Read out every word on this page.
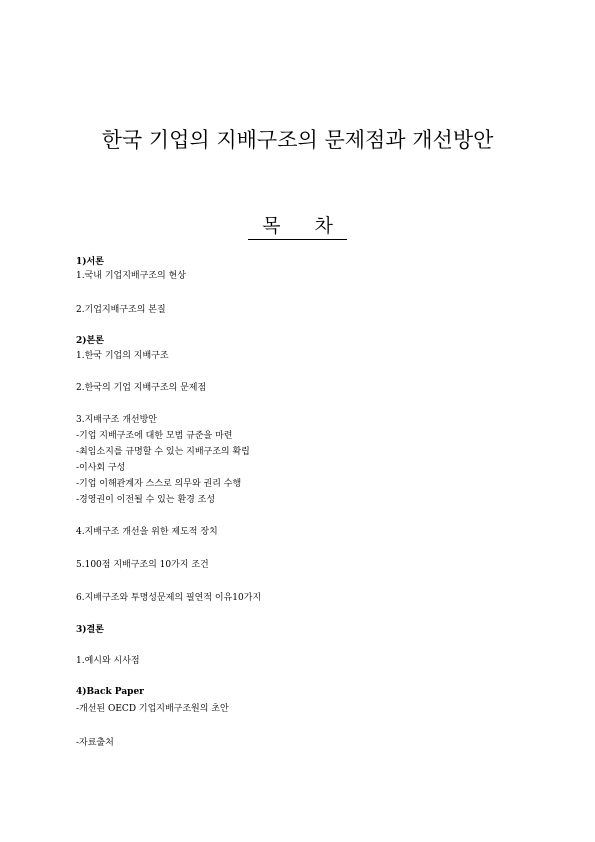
한국 기업의 지배구조의 문제점과 개선방안
목 차
1)서론
1.국내 기업지배구조의 현상
2.기업지배구조의 본질
2)본론
1.한국 기업의 지배구조
2.한국의 기업 지배구조의 문제점
3.지배구조 개선방안
-기업 지배구조에 대한 모범 규준을 마련
-최임소지를 규명할 수 있는 지배구조의 확립
-이사회 구성
-기업 이해관계자 스스로 의무와 권리 수행
-경영권이 이전될 수 있는 환경 조성
4.지배구조 개선을 위한 제도적 장치
5.100점 지배구조의 10가지 조건
6.지배구조와 투명성문제의 필연적 이유10가지
3)결론
1.예시와 시사점
4)Back Paper
-개선된 OECD 기업지배구조원의 초안
-자료출처
